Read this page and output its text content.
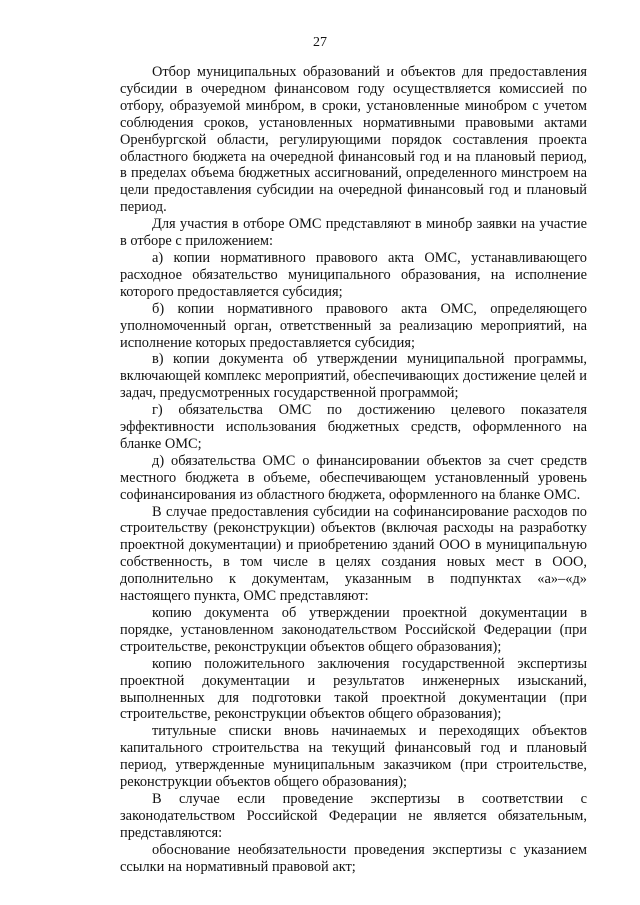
27

Отбор муниципальных образований и объектов для предоставления субсидии в очередном финансовом году осуществляется комиссией по отбору, образуемой минбром, в сроки, установленные минобром с учетом соблюдения сроков, установленных нормативными правовыми актами Оренбургской области, регулирующими порядок составления проекта областного бюджета на очередной финансовый год и на плановый период, в пределах объема бюджетных ассигнований, определенного минстроем на цели предоставления субсидии на очередной финансовый год и плановый период.

Для участия в отборе ОМС представляют в минобр заявки на участие в отборе с приложением:

а) копии нормативного правового акта ОМС, устанавливающего расходное обязательство муниципального образования, на исполнение которого предоставляется субсидия;

б) копии нормативного правового акта ОМС, определяющего уполномоченный орган, ответственный за реализацию мероприятий, на исполнение которых предоставляется субсидия;

в) копии документа об утверждении муниципальной программы, включающей комплекс мероприятий, обеспечивающих достижение целей и задач, предусмотренных государственной программой;

г) обязательства ОМС по достижению целевого показателя эффективности использования бюджетных средств, оформленного на бланке ОМС;

д) обязательства ОМС о финансировании объектов за счет средств местного бюджета в объеме, обеспечивающем установленный уровень софинансирования из областного бюджета, оформленного на бланке ОМС.

В случае предоставления субсидии на софинансирование расходов по строительству (реконструкции) объектов (включая расходы на разработку проектной документации) и приобретению зданий ООО в муниципальную собственность, в том числе в целях создания новых мест в ООО, дополнительно к документам, указанным в подпунктах «а»–«д» настоящего пункта, ОМС представляют:

копию документа об утверждении проектной документации в порядке, установленном законодательством Российской Федерации (при строительстве, реконструкции объектов общего образования);

копию положительного заключения государственной экспертизы проектной документации и результатов инженерных изысканий, выполненных для подготовки такой проектной документации (при строительстве, реконструкции объектов общего образования);

титульные списки вновь начинаемых и переходящих объектов капитального строительства на текущий финансовый год и плановый период, утвержденные муниципальным заказчиком (при строительстве, реконструкции объектов общего образования);

В случае если проведение экспертизы в соответствии с законодательством Российской Федерации не является обязательным, представляются:

обоснование необязательности проведения экспертизы с указанием ссылки на нормативный правовой акт;
